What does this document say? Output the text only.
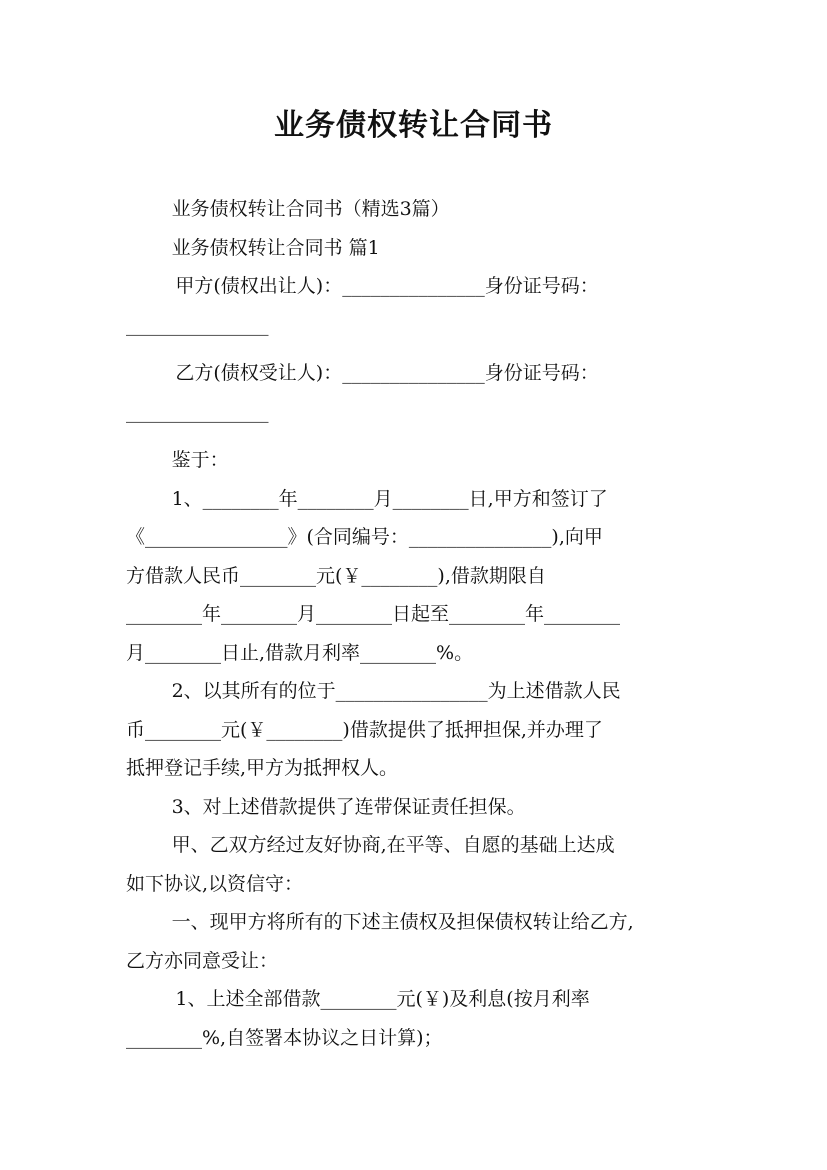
业务债权转让合同书
业务债权转让合同书（精选3篇）
业务债权转让合同书 篇1
甲方(债权出让人)：_______________身份证号码：
_______________
乙方(债权受让人)：_______________身份证号码：
_______________
鉴于：
1、________年________月________日,甲方和签订了
《_______________》(合同编号：_______________),向甲
方借款人民币________元(￥________),借款期限自
________年________月________日起至________年________
月________日止,借款月利率________%。
2、以其所有的位于________________为上述借款人民
币________元(￥________)借款提供了抵押担保,并办理了
抵押登记手续,甲方为抵押权人。
3、对上述借款提供了连带保证责任担保。
甲、乙双方经过友好协商,在平等、自愿的基础上达成
如下协议,以资信守：
一、现甲方将所有的下述主债权及担保债权转让给乙方,
乙方亦同意受让：
1、上述全部借款________元(￥)及利息(按月利率
________%,自签署本协议之日计算)；
